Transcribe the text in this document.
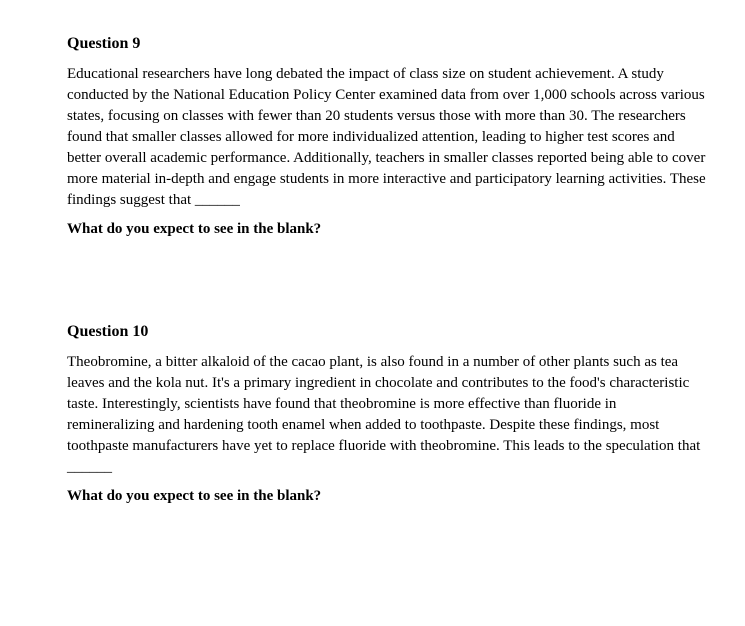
Question 9
Educational researchers have long debated the impact of class size on student achievement. A study conducted by the National Education Policy Center examined data from over 1,000 schools across various states, focusing on classes with fewer than 20 students versus those with more than 30. The researchers found that smaller classes allowed for more individualized attention, leading to higher test scores and better overall academic performance. Additionally, teachers in smaller classes reported being able to cover more material in-depth and engage students in more interactive and participatory learning activities. These findings suggest that ______
What do you expect to see in the blank?
Question 10
Theobromine, a bitter alkaloid of the cacao plant, is also found in a number of other plants such as tea leaves and the kola nut. It's a primary ingredient in chocolate and contributes to the food's characteristic taste. Interestingly, scientists have found that theobromine is more effective than fluoride in remineralizing and hardening tooth enamel when added to toothpaste. Despite these findings, most toothpaste manufacturers have yet to replace fluoride with theobromine. This leads to the speculation that ______
What do you expect to see in the blank?
